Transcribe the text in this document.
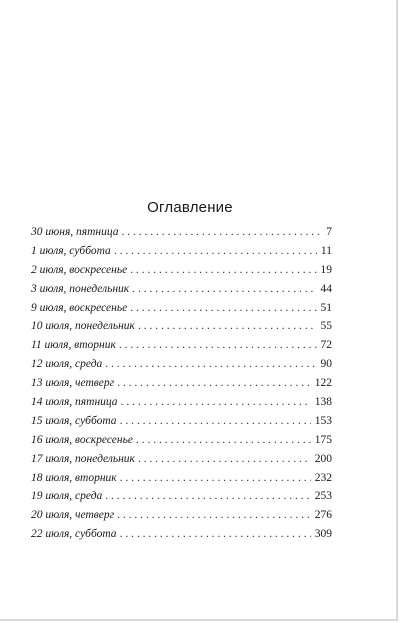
Оглавление
30 июня, пятница . . .	7
1 июля, суббота . . .	11
2 июля, воскресенье . . .	19
3 июля, понедельник . . .	44
9 июля, воскресенье . . .	51
10 июля, понедельник . . .	55
11 июля, вторник . . .	72
12 июля, среда . . .	90
13 июля, четверг . . .	122
14 июля, пятница . . .	138
15 июля, суббота . . .	153
16 июля, воскресенье . . .	175
17 июля, понедельник . . .	200
18 июля, вторник . . .	232
19 июля, среда . . .	253
20 июля, четверг . . .	276
22 июля, суббота . . .	309
